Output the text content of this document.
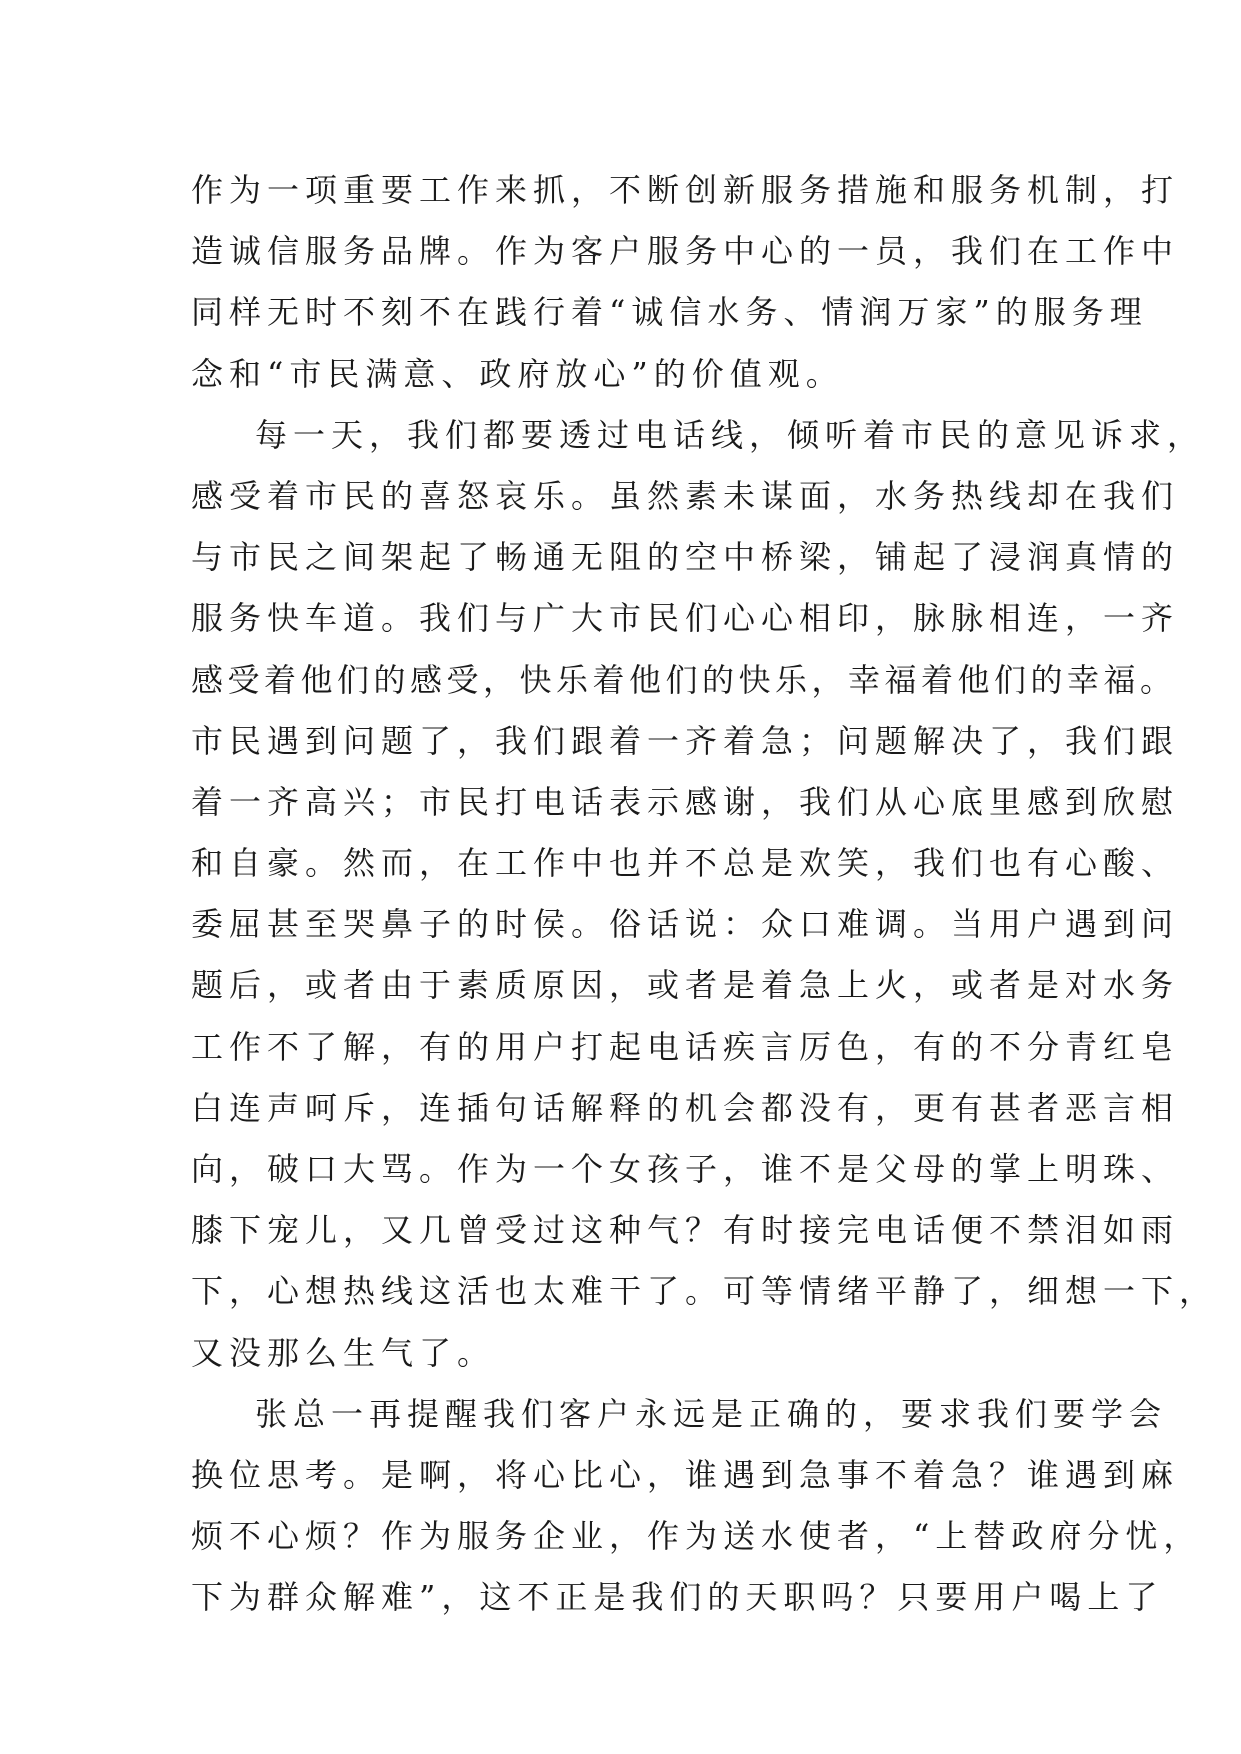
作为一项重要工作来抓，不断创新服务措施和服务机制，打
造诚信服务品牌。作为客户服务中心的一员，我们在工作中
同样无时不刻不在践行着“诚信水务、情润万家”的服务理
念和“市民满意、政府放心”的价值观。
每一天，我们都要透过电话线，倾听着市民的意见诉求，
感受着市民的喜怒哀乐。虽然素未谋面，水务热线却在我们
与市民之间架起了畅通无阻的空中桥梁，铺起了浸润真情的
服务快车道。我们与广大市民们心心相印，脉脉相连，一齐
感受着他们的感受，快乐着他们的快乐，幸福着他们的幸福。
市民遇到问题了，我们跟着一齐着急；问题解决了，我们跟
着一齐高兴；市民打电话表示感谢，我们从心底里感到欣慰
和自豪。然而，在工作中也并不总是欢笑，我们也有心酸、
委屈甚至哭鼻子的时侯。俗话说：众口难调。当用户遇到问
题后，或者由于素质原因，或者是着急上火，或者是对水务
工作不了解，有的用户打起电话疾言厉色，有的不分青红皂
白连声呵斥，连插句话解释的机会都没有，更有甚者恶言相
向，破口大骂。作为一个女孩子，谁不是父母的掌上明珠、
膝下宠儿，又几曾受过这种气？有时接完电话便不禁泪如雨
下，心想热线这活也太难干了。可等情绪平静了，细想一下，
又没那么生气了。
张总一再提醒我们客户永远是正确的，要求我们要学会
换位思考。是啊，将心比心，谁遇到急事不着急？谁遇到麻
烦不心烦？作为服务企业，作为送水使者，“上替政府分忧，
下为群众解难”，这不正是我们的天职吗？只要用户喝上了
